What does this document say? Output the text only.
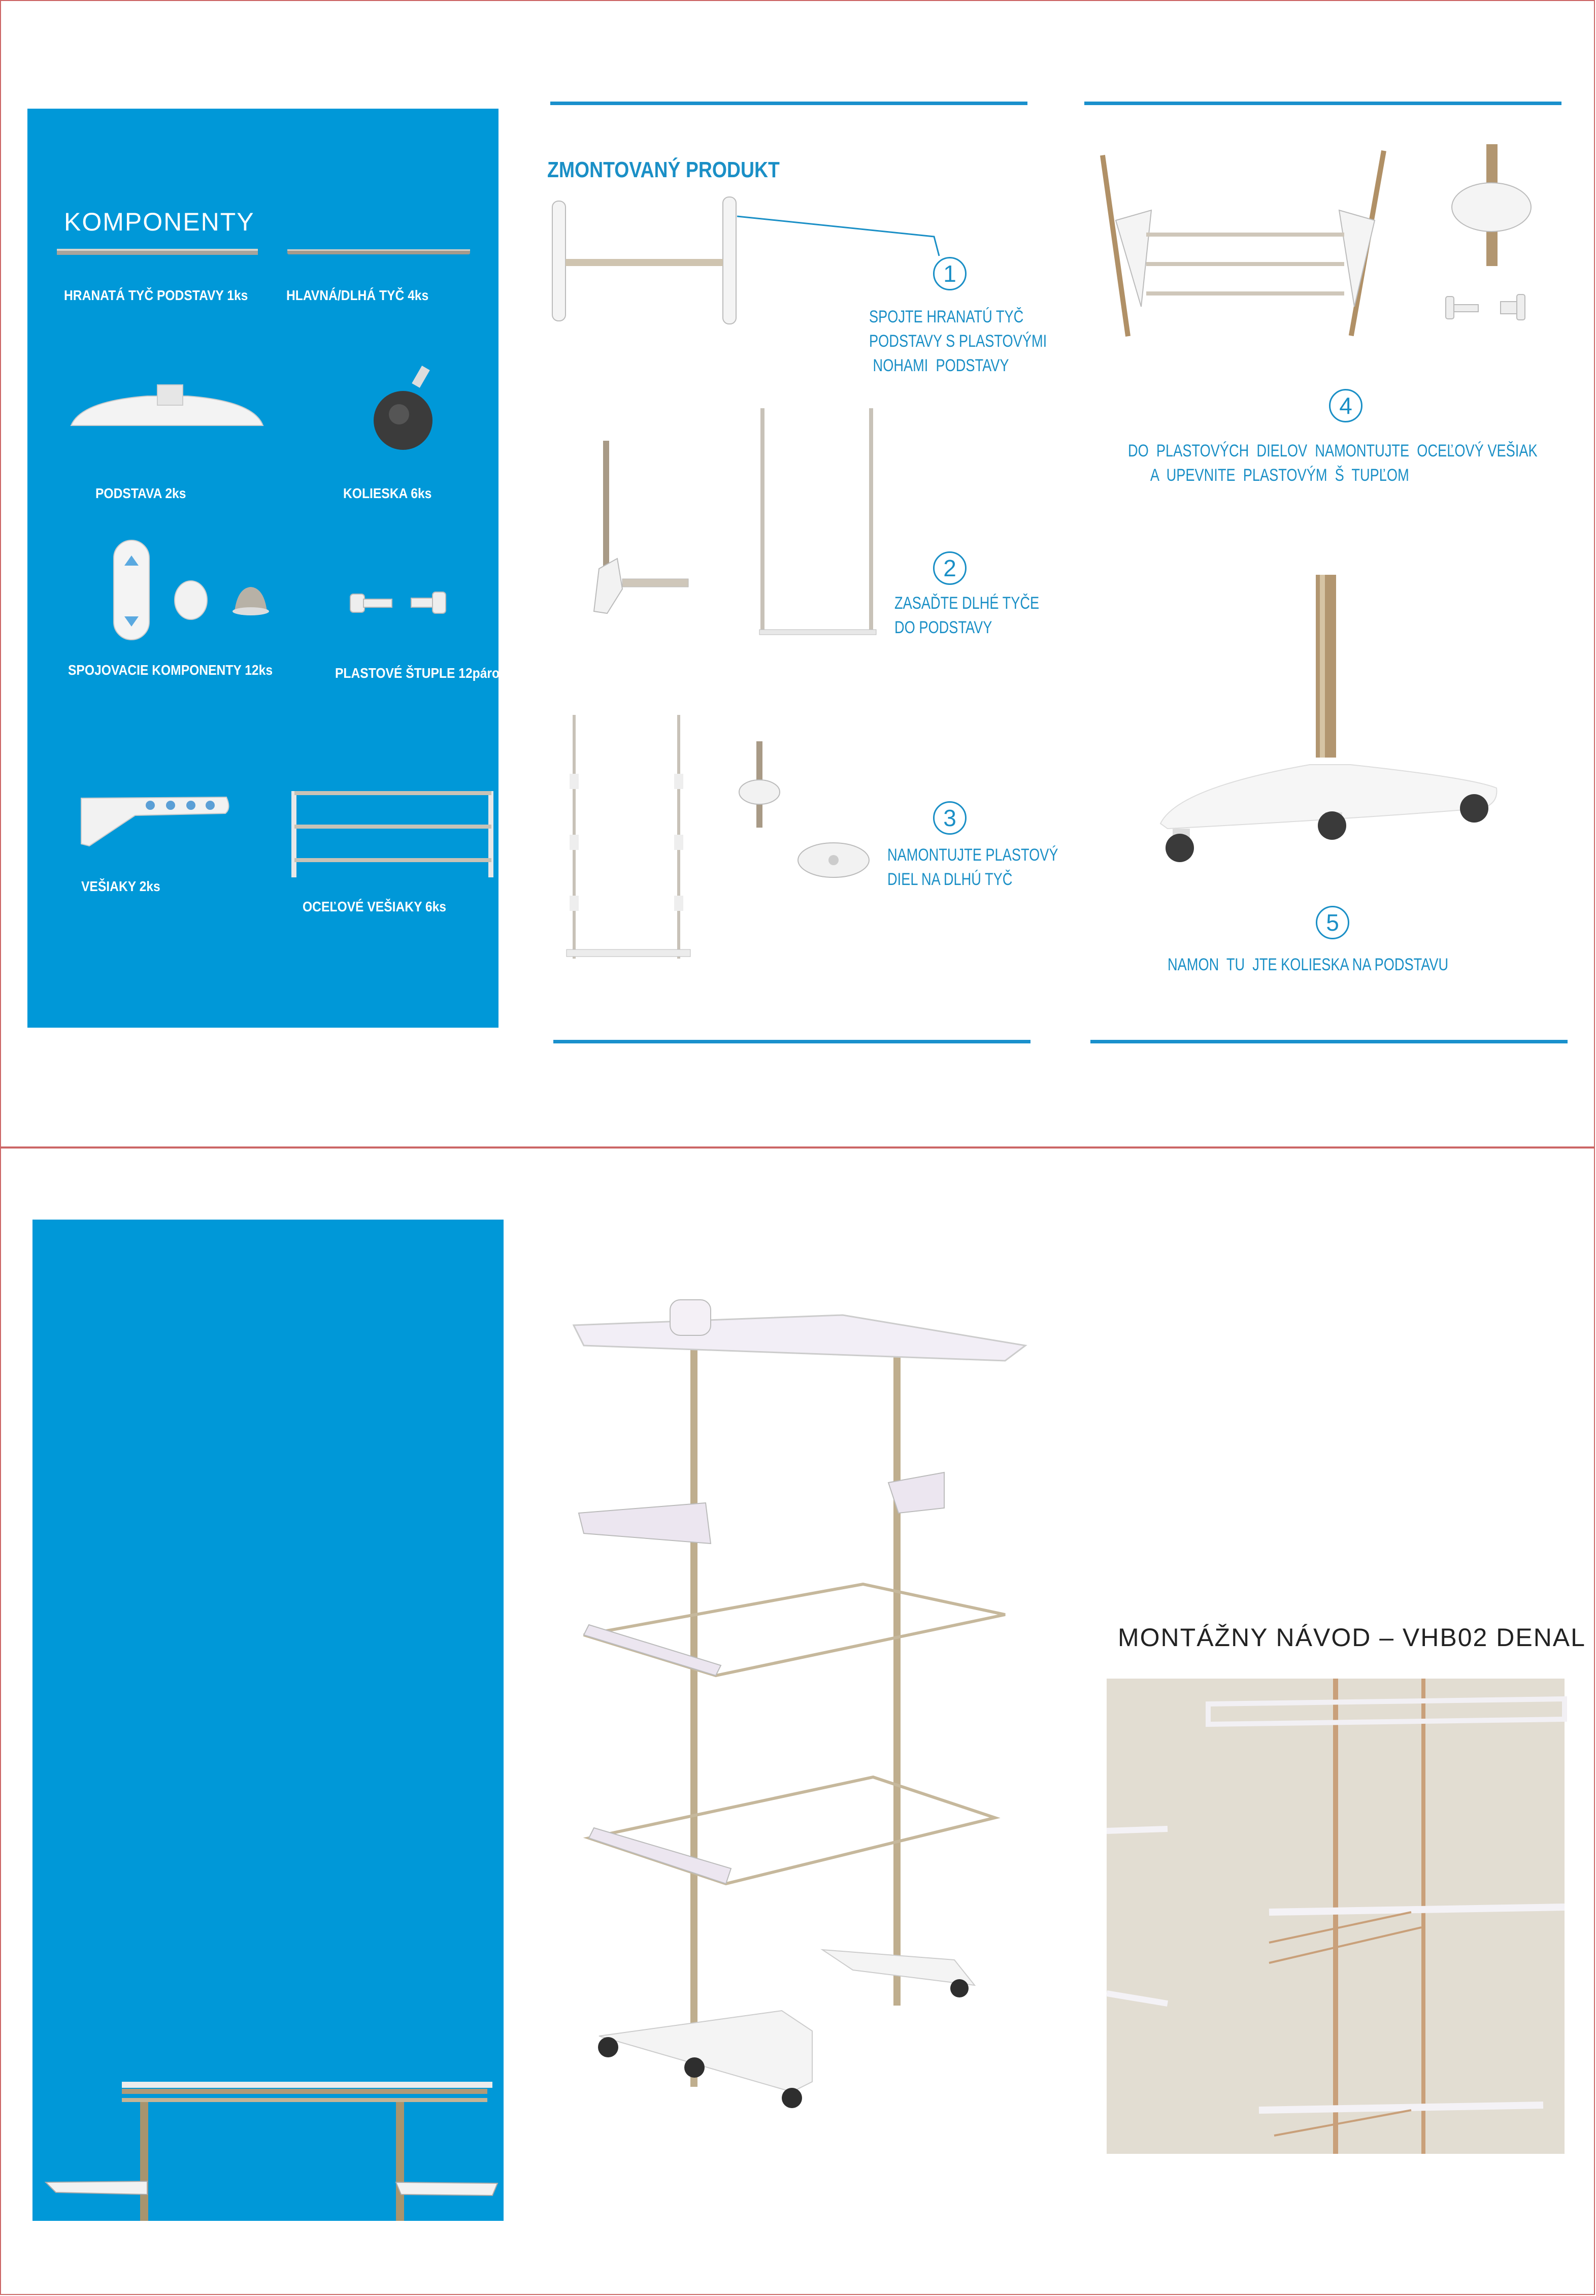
KOMPONENTY
HRANATÁ TYČ PODSTAVY 1ks	HLAVNÁ/DLHÁ TYČ 4ks
PODSTAVA 2ks	KOLIESKA 6ks
SPOJOVACIE KOMPONENTY 12ks	PLASTOVÉ ŠTUPLE 12párov
VEŠIAKY 2ks
OCEĽOVÉ VEŠIAKY 6ks
ZMONTOVANÝ PRODUKT
1
SPOJTE HRANATÚ TYČ
PODSTAVY S PLASTOVÝMI
NOHAMI  PODSTAVY
2
ZASAĎTE DLHÉ TYČE
DO PODSTAVY
3
NAMONTUJTE PLASTOVÝ
DIEL NA DLHÚ TYČ
4
DO  PLASTOVÝCH  DIELOV  NAMONTUJTE  OCEĽOVÝ VEŠIAK
A  UPEVNITE  PLASTOVÝM  Š  TUPĽOM
5
NAMON  TU  JTE KOLIESKA NA PODSTAVU
MONTÁŽNY NÁVOD – VHB02 DENAL
